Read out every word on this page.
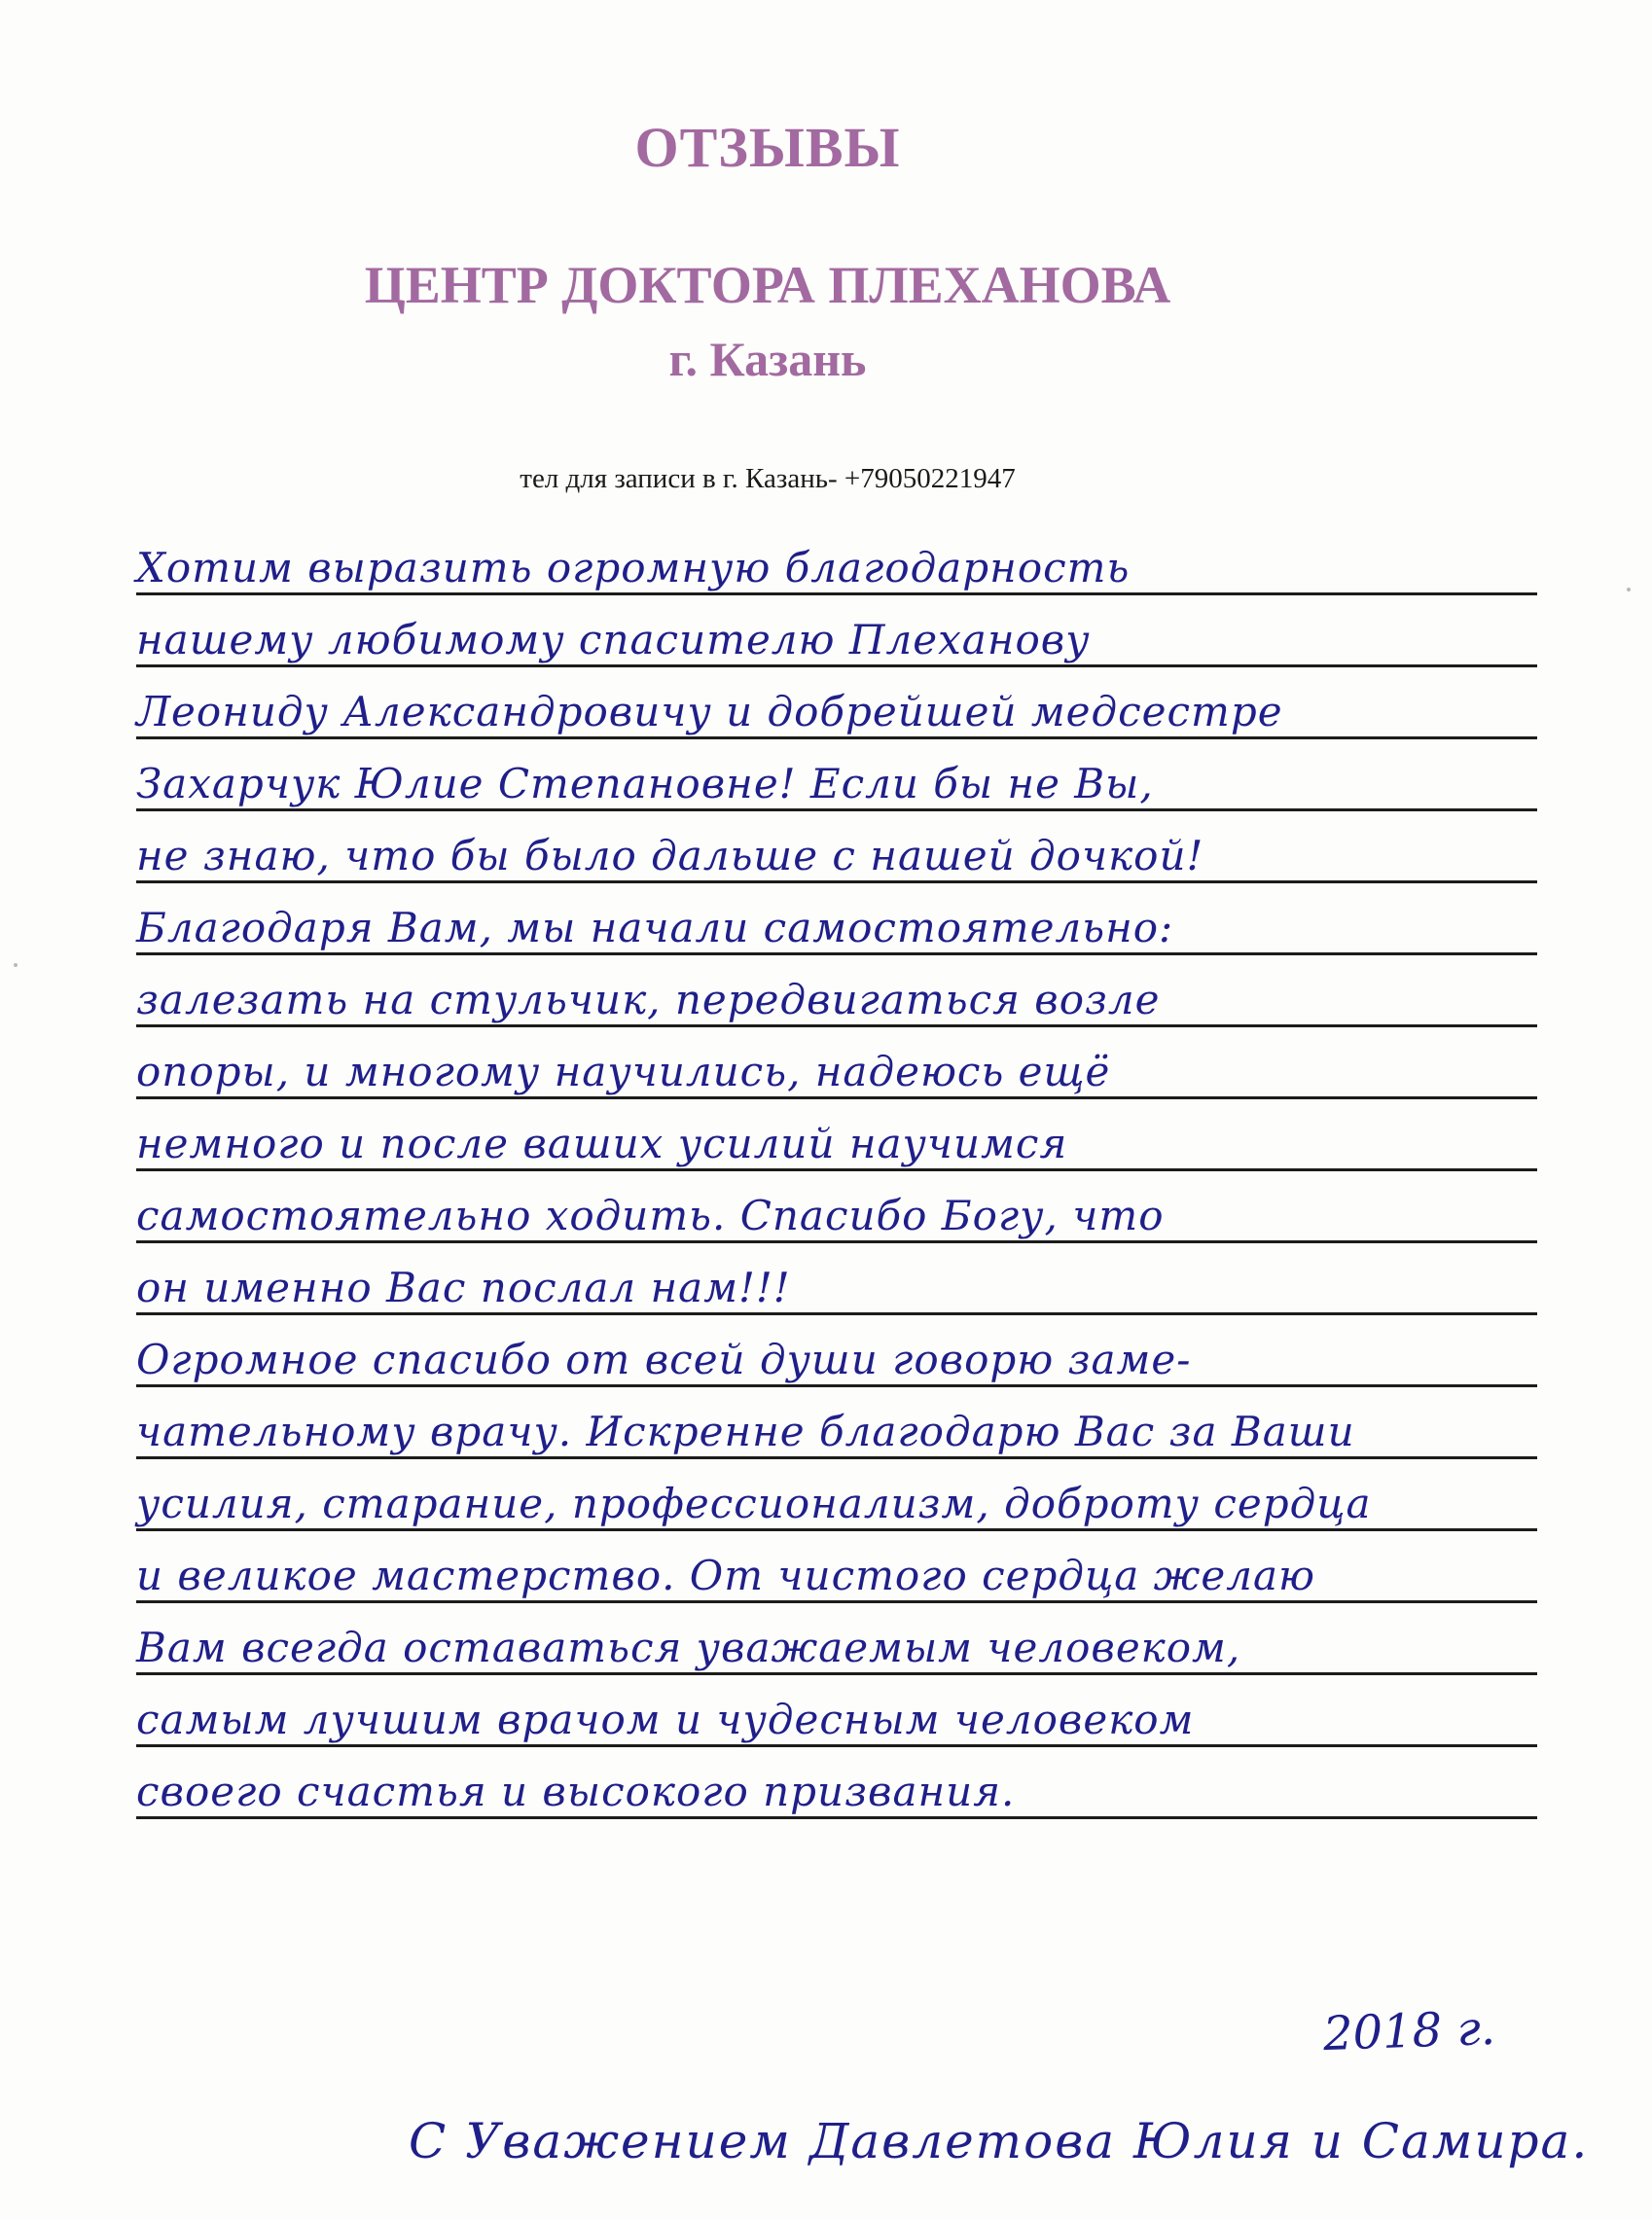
ОТЗЫВЫ
ЦЕНТР ДОКТОРА ПЛЕХАНОВА
г. Казань
тел для записи в г. Казань- +79050221947
Хотим выразить огромную благодарность
нашему любимому спасителю Плеханову
Леониду Александровичу и добрейшей медсестре
Захарчук Юлие Степановне! Если бы не Вы,
не знаю, что бы было дальше с нашей дочкой!
Благодаря Вам, мы начали самостоятельно:
залезать на стульчик, передвигаться возле
опоры, и многому научились, надеюсь ещё
немного и после ваших усилий научимся
самостоятельно ходить. Спасибо Богу, что
он именно Вас послал нам!!!
Огромное спасибо от всей души говорю заме-
чательному врачу. Искренне благодарю Вас за Ваши
усилия, старание, профессионализм, доброту сердца
и великое мастерство. От чистого сердца желаю
Вам всегда оставаться уважаемым человеком,
самым лучшим врачом и чудесным человеком
своего счастья и высокого призвания.
2018 г.
С Уважением Давлетова Юлия и Самира.
